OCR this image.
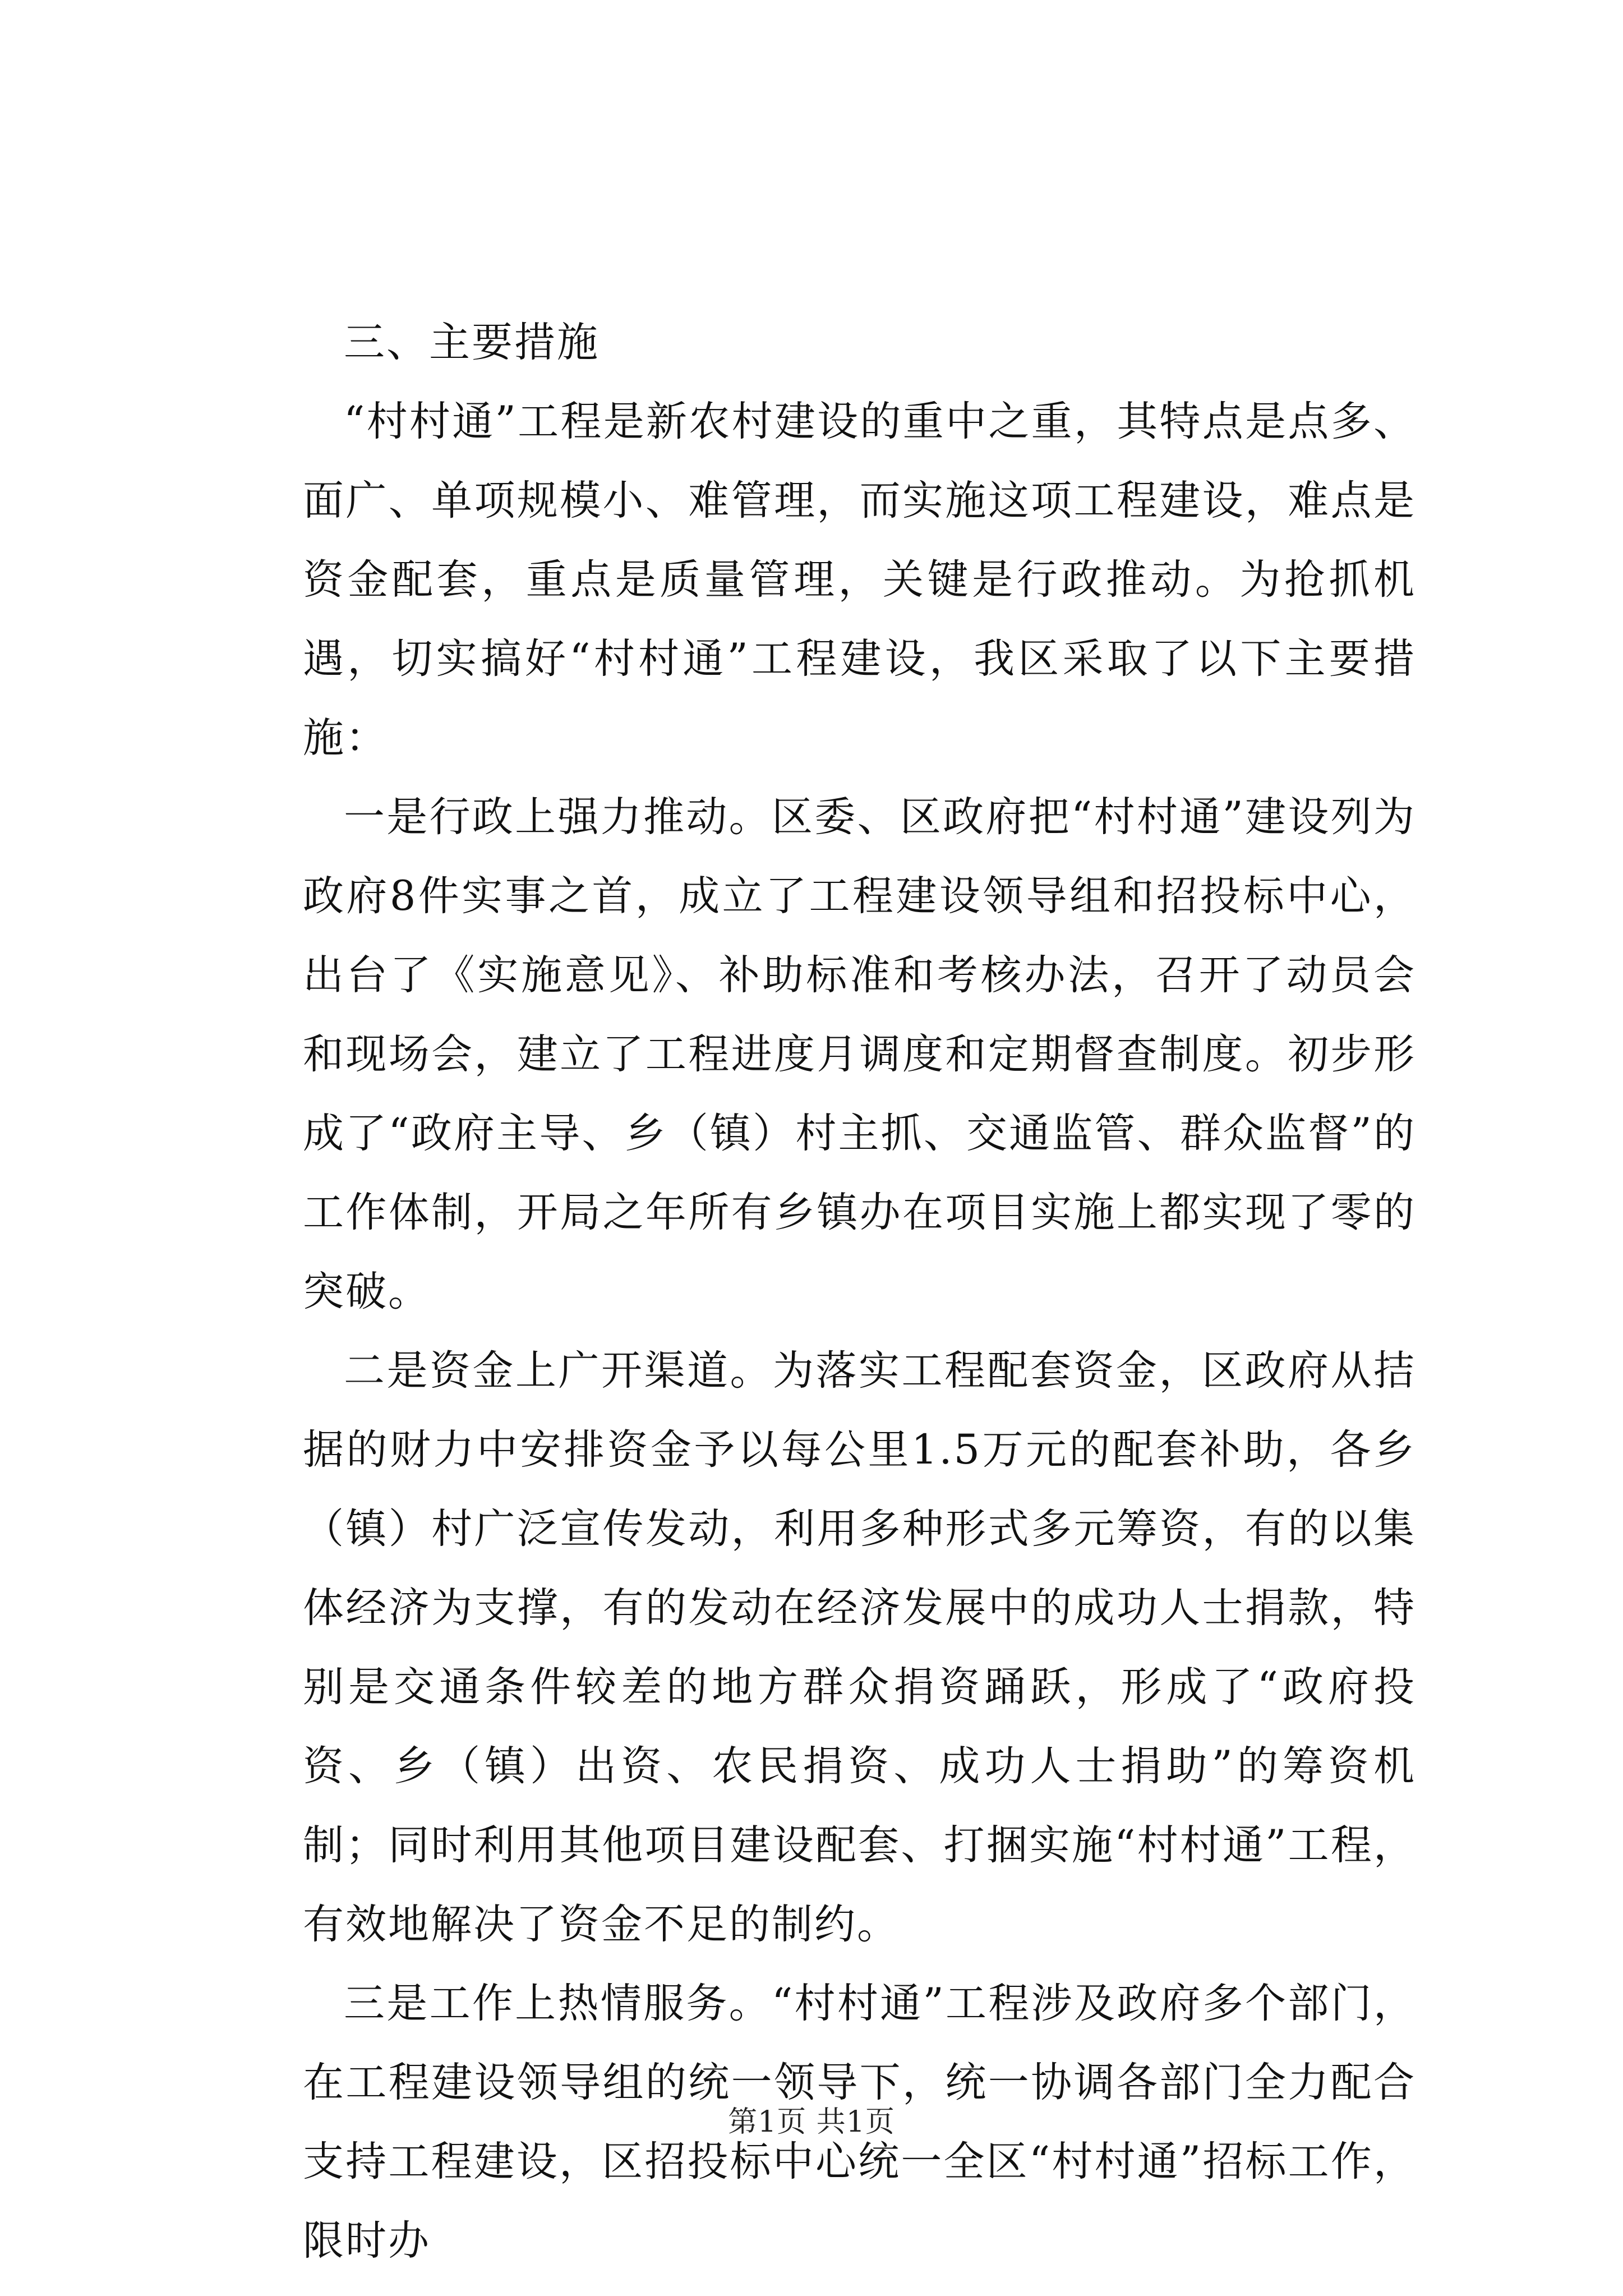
三、主要措施

“村村通”工程是新农村建设的重中之重，其特点是点多、面广、单项规模小、难管理，而实施这项工程建设，难点是资金配套，重点是质量管理，关键是行政推动。为抢抓机遇，切实搞好“村村通”工程建设，我区采取了以下主要措施：

一是行政上强力推动。区委、区政府把“村村通”建设列为政府8件实事之首，成立了工程建设领导组和招投标中心，出台了《实施意见》、补助标准和考核办法，召开了动员会和现场会，建立了工程进度月调度和定期督查制度。初步形成了“政府主导、乡（镇）村主抓、交通监管、群众监督”的工作体制，开局之年所有乡镇办在项目实施上都实现了零的突破。

二是资金上广开渠道。为落实工程配套资金，区政府从拮据的财力中安排资金予以每公里1.5万元的配套补助，各乡（镇）村广泛宣传发动，利用多种形式多元筹资，有的以集体经济为支撑，有的发动在经济发展中的成功人士捐款，特别是交通条件较差的地方群众捐资踊跃，形成了“政府投资、乡（镇）出资、农民捐资、成功人士捐助”的筹资机制；同时利用其他项目建设配套、打捆实施“村村通”工程，有效地解决了资金不足的制约。

三是工作上热情服务。“村村通”工程涉及政府多个部门，在工程建设领导组的统一领导下，统一协调各部门全力配合支持工程建设，区招投标中心统一全区“村村通”招标工作，限时办

第1页 共1页
